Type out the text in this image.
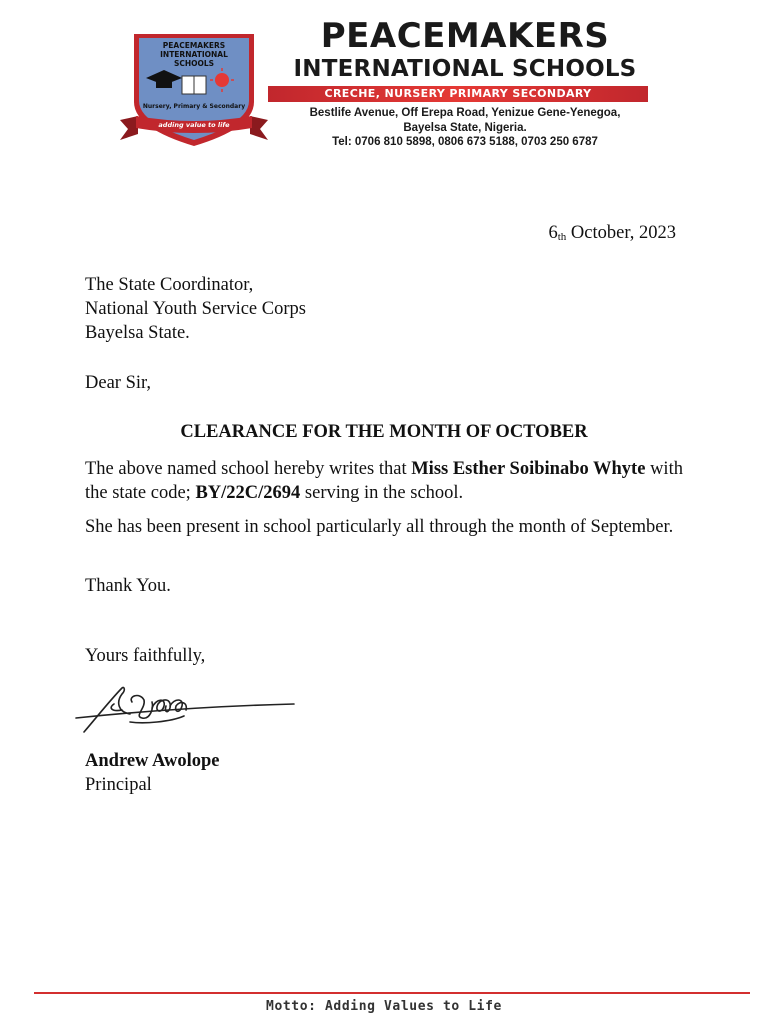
PEACEMAKERS
INTERNATIONAL
SCHOOLS
Nursery, Primary & Secondary
adding value to life
PEACEMAKERS
INTERNATIONAL SCHOOLS
CRECHE, NURSERY PRIMARY SECONDARY
Bestlife Avenue, Off Erepa Road, Yenizue Gene-Yenegoa,
Bayelsa State, Nigeria.
Tel: 0706 810 5898, 0806 673 5188, 0703 250 6787
6th October, 2023

The State Coordinator,

National Youth Service Corps

Bayelsa State.

Dear Sir,
CLEARANCE FOR THE MONTH OF OCTOBER
The above named school hereby writes that Miss Esther Soibinabo Whyte with the state code; BY/22C/2694 serving in the school.
She has been present in school particularly all through the month of September.
Thank You.
Yours faithfully,

Andrew Awolope

Principal

Motto: Adding Values to Life
